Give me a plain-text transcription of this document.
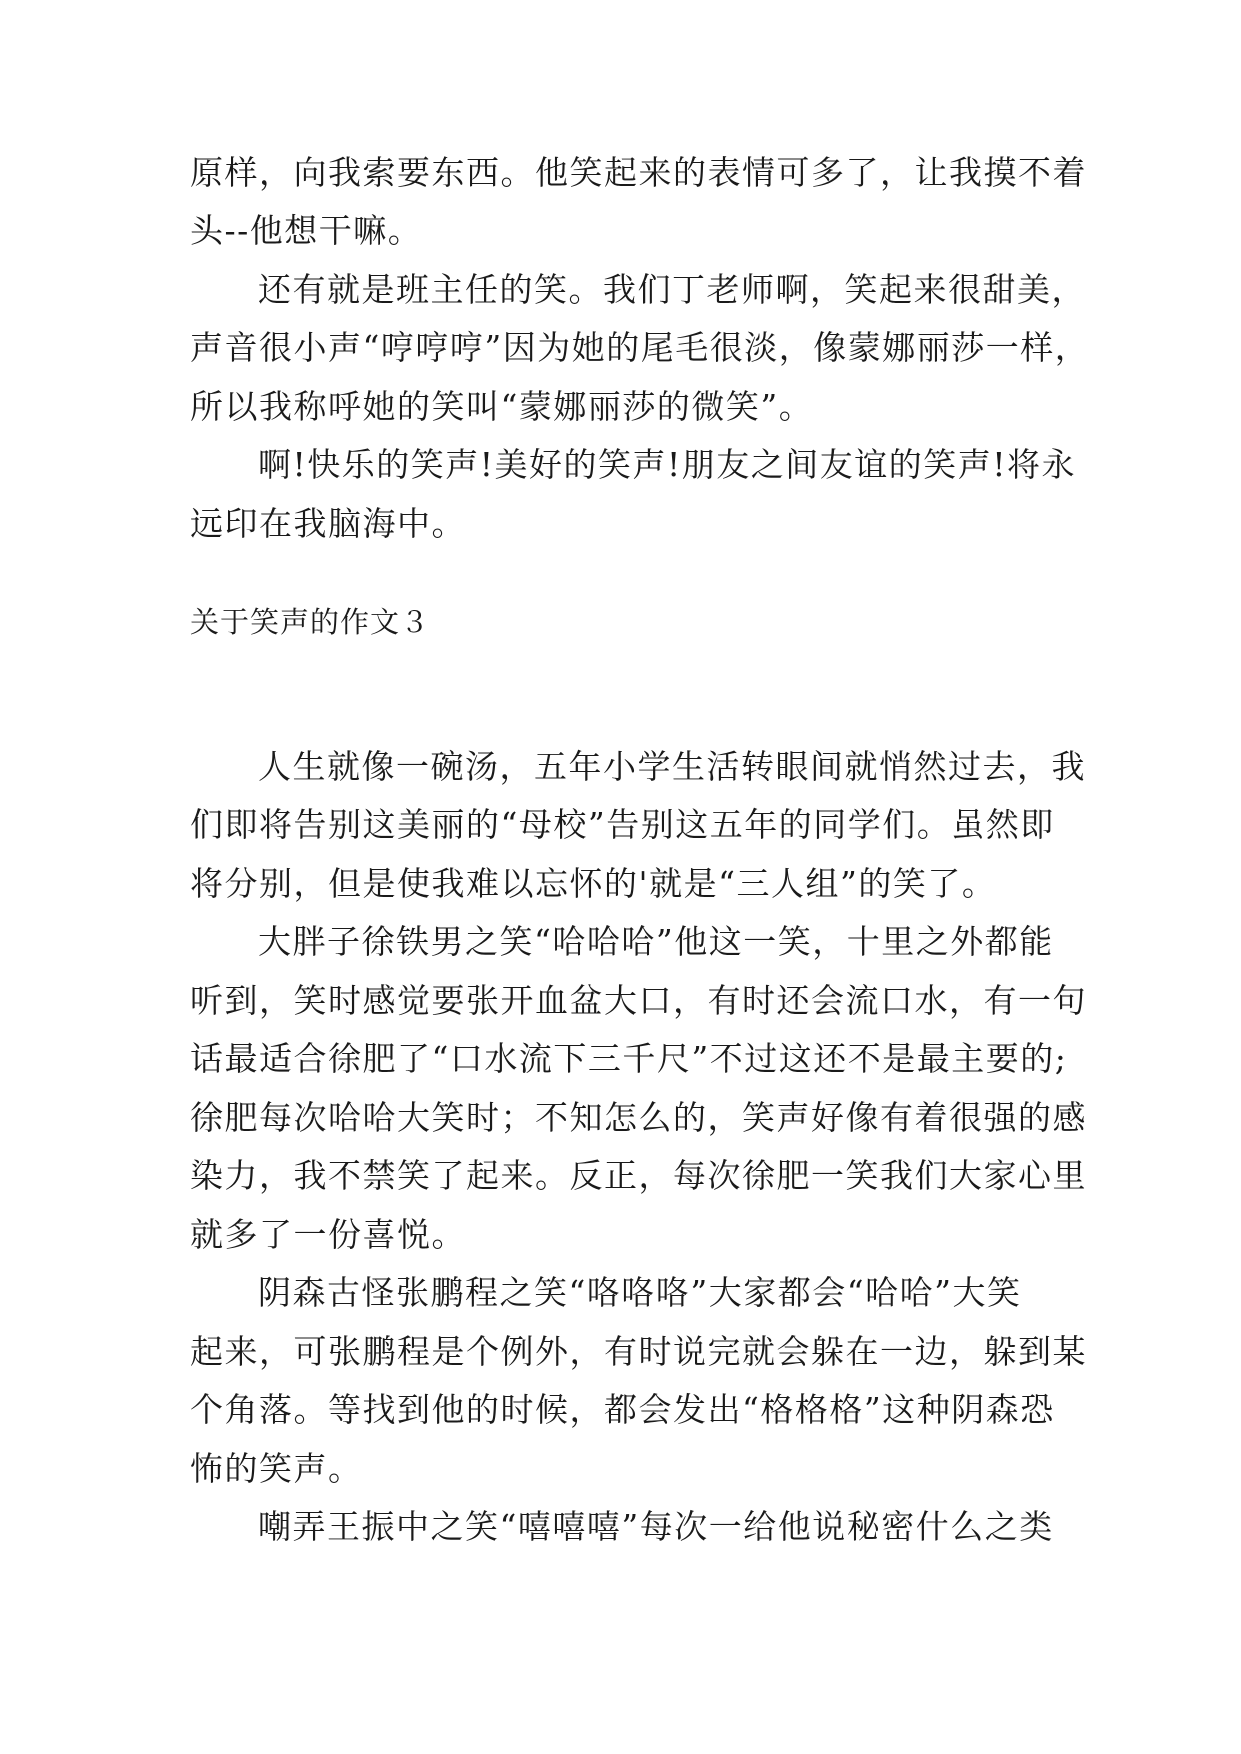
原样，向我索要东西。他笑起来的表情可多了，让我摸不着
头--他想干嘛。
还有就是班主任的笑。我们丁老师啊，笑起来很甜美，
声音很小声“哼哼哼”因为她的尾毛很淡，像蒙娜丽莎一样，
所以我称呼她的笑叫“蒙娜丽莎的微笑”。
啊!快乐的笑声!美好的笑声!朋友之间友谊的笑声!将永
远印在我脑海中。
关于笑声的作文３
人生就像一碗汤，五年小学生活转眼间就悄然过去，我
们即将告别这美丽的“母校”告别这五年的同学们。虽然即
将分别，但是使我难以忘怀的'就是“三人组”的笑了。
大胖子徐铁男之笑“哈哈哈”他这一笑，十里之外都能
听到，笑时感觉要张开血盆大口，有时还会流口水，有一句
话最适合徐肥了“口水流下三千尺”不过这还不是最主要的;
徐肥每次哈哈大笑时；不知怎么的，笑声好像有着很强的感
染力，我不禁笑了起来。反正，每次徐肥一笑我们大家心里
就多了一份喜悦。
阴森古怪张鹏程之笑“咯咯咯”大家都会“哈哈”大笑
起来，可张鹏程是个例外，有时说完就会躲在一边，躲到某
个角落。等找到他的时候，都会发出“格格格”这种阴森恐
怖的笑声。
嘲弄王振中之笑“嘻嘻嘻”每次一给他说秘密什么之类
